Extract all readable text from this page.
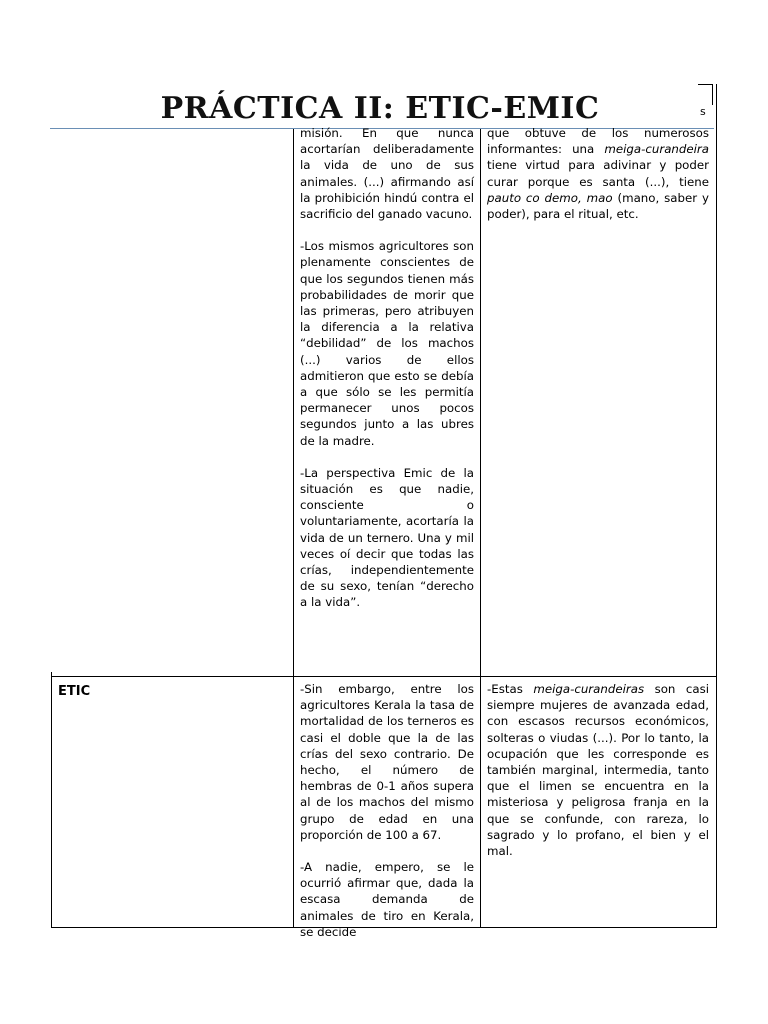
PRÁCTICA II: ETIC-EMIC	s

misión. En que nunca acortarían deliberadamente la vida de uno de sus animales. (...) afirmando así la prohibición hindú contra el sacrificio del ganado vacuno.

-Los mismos agricultores son plenamente conscientes de que los segundos tienen más probabilidades de morir que las primeras, pero atribuyen la diferencia a la relativa “debilidad” de los machos (...) varios de ellos admitieron que esto se debía a que sólo se les permitía permanecer unos pocos segundos junto a las ubres de la madre.

-La perspectiva Emic de la situación es que nadie, consciente o voluntariamente, acortaría la vida de un ternero. Una y mil veces oí decir que todas las crías, independientemente de su sexo, tenían “derecho a la vida”.

que obtuve de los numerosos informantes: una meiga-curandeira tiene virtud para adivinar y poder curar porque es santa (...), tiene pauto co demo, mao (mano, saber y poder), para el ritual, etc.

ETIC	-Sin embargo, entre los agricultores Kerala la tasa de mortalidad de los terneros es casi el doble que la de las crías del sexo contrario. De hecho, el número de hembras de 0-1 años supera al de los machos del mismo grupo de edad en una proporción de 100 a 67.

-A nadie, empero, se le ocurrió afirmar que, dada la escasa demanda de animales de tiro en Kerala, se decide

-Estas meiga-curandeiras son casi siempre mujeres de avanzada edad, con escasos recursos económicos, solteras o viudas (...). Por lo tanto, la ocupación que les corresponde es también marginal, intermedia, tanto que el limen se encuentra en la misteriosa y peligrosa franja en la que se confunde, con rareza, lo sagrado y lo profano, el bien y el mal.
